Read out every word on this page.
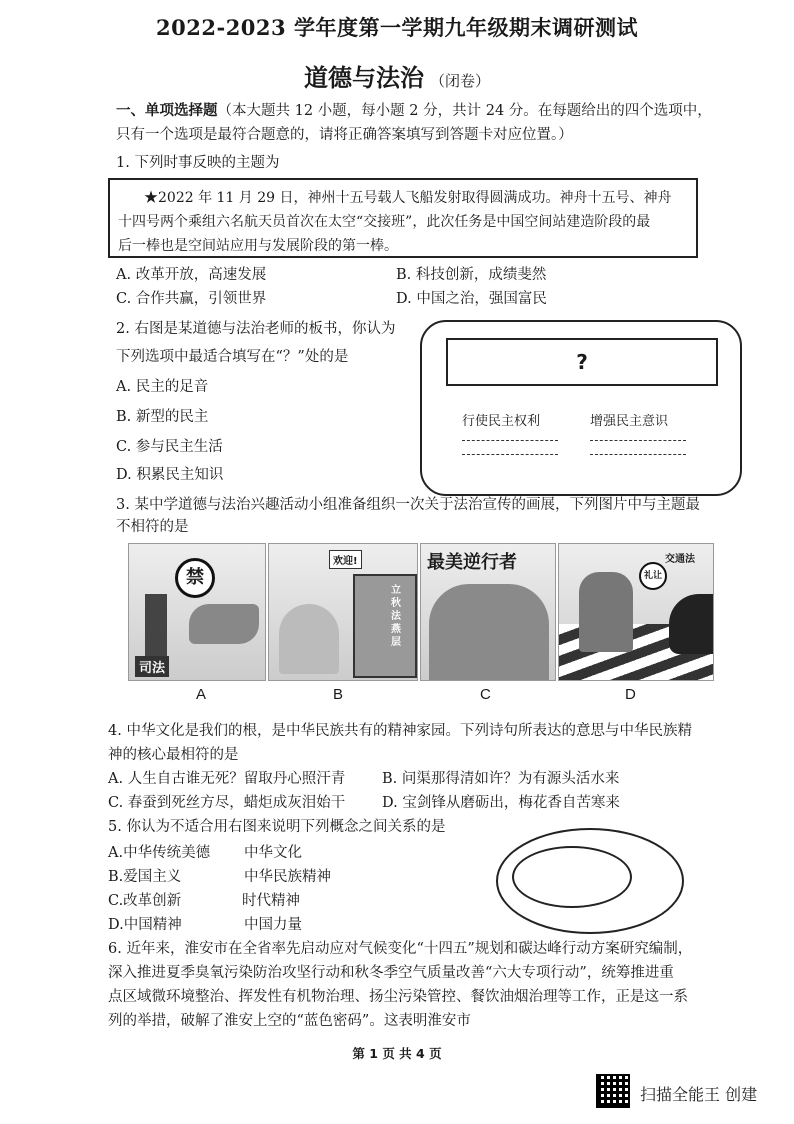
2022-2023 学年度第一学期九年级期末调研测试
道德与法治 （闭卷）
一、单项选择题（本大题共 12 小题，每小题 2 分，共计 24 分。在每题给出的四个选项中，
只有一个选项是最符合题意的，请将正确答案填写到答题卡对应位置。）
1. 下列时事反映的主题为
★2022 年 11 月 29 日，神州十五号载人飞船发射取得圆满成功。神舟十五号、神舟
十四号两个乘组六名航天员首次在太空“交接班”，此次任务是中国空间站建造阶段的最
后一棒也是空间站应用与发展阶段的第一棒。
A. 改革开放，高速发展	B. 科技创新，成绩斐然
C. 合作共赢，引领世界	D. 中国之治，强国富民
2. 右图是某道德与法治老师的板书，你认为
下列选项中最适合填写在“？”处的是
A. 民主的足音
B. 新型的民主
C. 参与民主生活
D. 积累民主知识
?
行使民主权利	增强民主意识
3. 某中学道德与法治兴趣活动小组准备组织一次关于法治宣传的画展，下列图片中与主题最
不相符的是
禁
司法
欢迎!
立秋法燕层
最美逆行者	交通法
礼让
A	B	C	D
4. 中华文化是我们的根，是中华民族共有的精神家园。下列诗句所表达的意思与中华民族精
神的核心最相符的是
A. 人生自古谁无死？留取丹心照汗青	B. 问渠那得清如许？为有源头活水来
C. 春蚕到死丝方尽，蜡炬成灰泪始干	D. 宝剑锋从磨砺出，梅花香自苦寒来
5. 你认为不适合用右图来说明下列概念之间关系的是
A.中华传统美德 中华文化
B.爱国主义	中华民族精神
C.改革创新	时代精神
D.中国精神	中国力量
6. 近年来，淮安市在全省率先启动应对气候变化“十四五”规划和碳达峰行动方案研究编制，
深入推进夏季臭氧污染防治攻坚行动和秋冬季空气质量改善“六大专项行动”，统筹推进重
点区域微环境整治、挥发性有机物治理、扬尘污染管控、餐饮油烟治理等工作，正是这一系
列的举措，破解了淮安上空的“蓝色密码”。这表明淮安市
第 1 页 共 4 页
扫描全能王 创建
